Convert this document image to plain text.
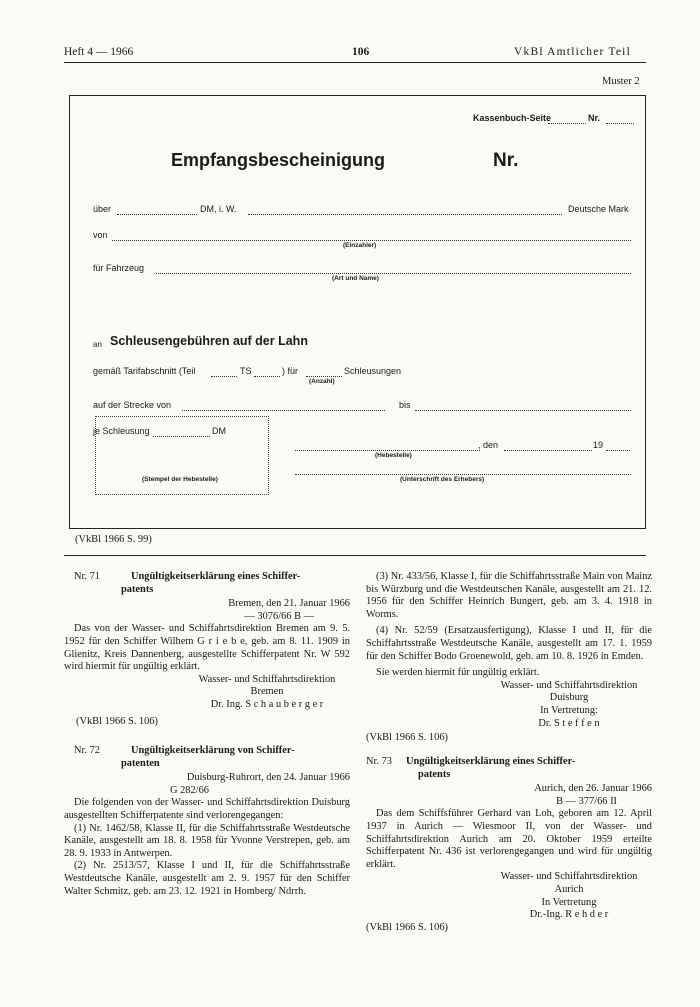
Heft 4 — 1966	106	VkBl Amtlicher Teil
Muster 2
Kassenbuch-Seite	Nr.
Empfangsbescheinigung	Nr.
über	DM, i. W.	Deutsche Mark
von
(Einzahler)
für Fahrzeug
(Art und Name)
an Schleusengebühren auf der Lahn
gemäß Tarifabschnitt (Teil	TS	) für	Schleusungen
(Anzahl)
auf der Strecke von	bis
je Schleusung	DM
(Stempel der Hebestelle)
, den	19
(Hebestelle)
(Unterschrift des Erhebers)
(VkBl 1966 S. 99)
Nr. 71	Ungültigkeitserklärung eines Schiffer-
patents
Bremen, den 21. Januar 1966
— 3076/66 B —

Das von der Wasser- und Schiffahrtsdirektion Bremen am 9. 5. 1952 für den Schiffer Wilhem G r i e b e, geb. am 8. 11. 1909 in Glienitz, Kreis Dannenberg, ausgestellte Schifferpatent Nr. W 592 wird hiermit für ungültig erklärt.

Wasser- und Schiffahrtsdirektion
Bremen
Dr. Ing. S c h a u b e r g e r
(VkBl 1966 S. 106)
Nr. 72	Ungültigkeitserklärung von Schiffer-
patenten
Duisburg-Ruhrort, den 24. Januar 1966
G 282/66

Die folgenden von der Wasser- und Schiffahrtsdirektion Duisburg ausgestellten Schifferpatente sind verlorengegangen:

(1) Nr. 1462/58, Klasse II, für die Schiffahrtsstraße Westdeutsche Kanäle, ausgestellt am 18. 8. 1958 für Yvonne Verstrepen, geb. am 28. 9. 1933 in Antwerpen.

(2) Nr. 2513/57, Klasse I und II, für die Schiffahrtsstraße Westdeutsche Kanäle, ausgestellt am 2. 9. 1957 für den Schiffer Walter Schmitz, geb. am 23. 12. 1921 in Homberg/ Ndrrh.

(3) Nr. 433/56, Klasse I, für die Schiffahrtsstraße Main von Mainz bis Würzburg und die Westdeutschen Kanäle, ausgestellt am 21. 12. 1956 für den Schiffer Heinrich Bungert, geb. am 3. 4. 1918 in Worms.

(4) Nr. 52/59 (Ersatzausfertigung), Klasse I und II, für die Schiffahrtsstraße Westdeutsche Kanäle, ausgestellt am 17. 1. 1959 für den Schiffer Bodo Groenewold, geb. am 10. 8. 1926 in Emden.

Sie werden hiermit für ungültig erklärt.

Wasser- und Schiffahrtsdirektion
Duisburg
In Vertretung:
Dr. S t e f f e n
(VkBl 1966 S. 106)
Nr. 73	Ungültigkeitserklärung eines Schiffer-
patents
Aurich, den 26. Januar 1966
B — 377/66 II

Das dem Schiffsführer Gerhard van Loh, geboren am 12. April 1937 in Aurich — Wiesmoor II, von der Wasser- und Schiffahrtsdirektion Aurich am 20. Oktober 1959 erteilte Schifferpatent Nr. 436 ist verlorengegangen und wird für ungültig erklärt.

Wasser- und Schiffahrtsdirektion
Aurich
In Vertretung
Dr.-Ing. R e h d e r
(VkBl 1966 S. 106)
